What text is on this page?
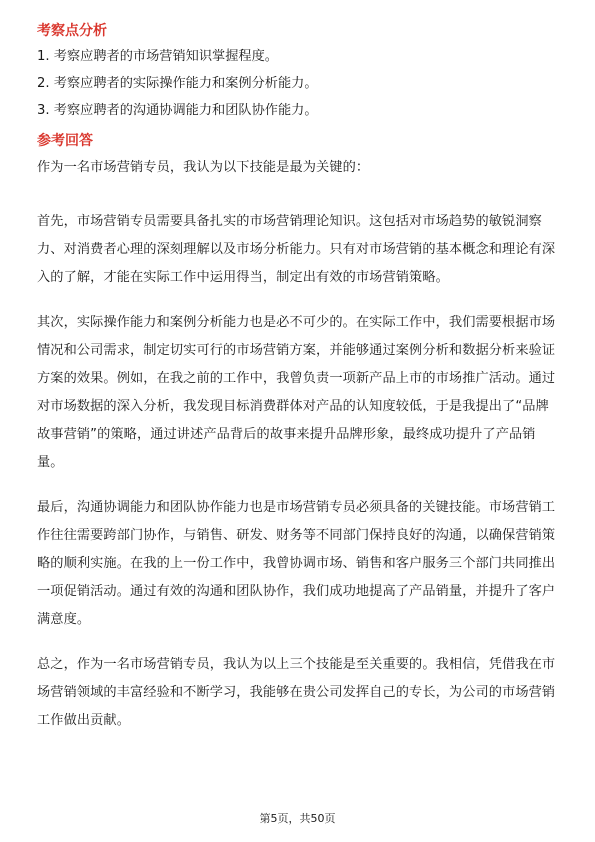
考察点分析
1. 考察应聘者的市场营销知识掌握程度。
2. 考察应聘者的实际操作能力和案例分析能力。
3. 考察应聘者的沟通协调能力和团队协作能力。
参考回答

作为一名市场营销专员，我认为以下技能是最为关键的：

首先，市场营销专员需要具备扎实的市场营销理论知识。这包括对市场趋势的敏锐洞察力、对消费者心理的深刻理解以及市场分析能力。只有对市场营销的基本概念和理论有深入的了解，才能在实际工作中运用得当，制定出有效的市场营销策略。

其次，实际操作能力和案例分析能力也是必不可少的。在实际工作中，我们需要根据市场情况和公司需求，制定切实可行的市场营销方案，并能够通过案例分析和数据分析来验证方案的效果。例如，在我之前的工作中，我曾负责一项新产品上市的市场推广活动。通过对市场数据的深入分析，我发现目标消费群体对产品的认知度较低，于是我提出了“品牌故事营销”的策略，通过讲述产品背后的故事来提升品牌形象，最终成功提升了产品销量。

最后，沟通协调能力和团队协作能力也是市场营销专员必须具备的关键技能。市场营销工作往往需要跨部门协作，与销售、研发、财务等不同部门保持良好的沟通，以确保营销策略的顺利实施。在我的上一份工作中，我曾协调市场、销售和客户服务三个部门共同推出一项促销活动。通过有效的沟通和团队协作，我们成功地提高了产品销量，并提升了客户满意度。

总之，作为一名市场营销专员，我认为以上三个技能是至关重要的。我相信，凭借我在市场营销领域的丰富经验和不断学习，我能够在贵公司发挥自己的专长，为公司的市场营销工作做出贡献。

第5页，共50页
